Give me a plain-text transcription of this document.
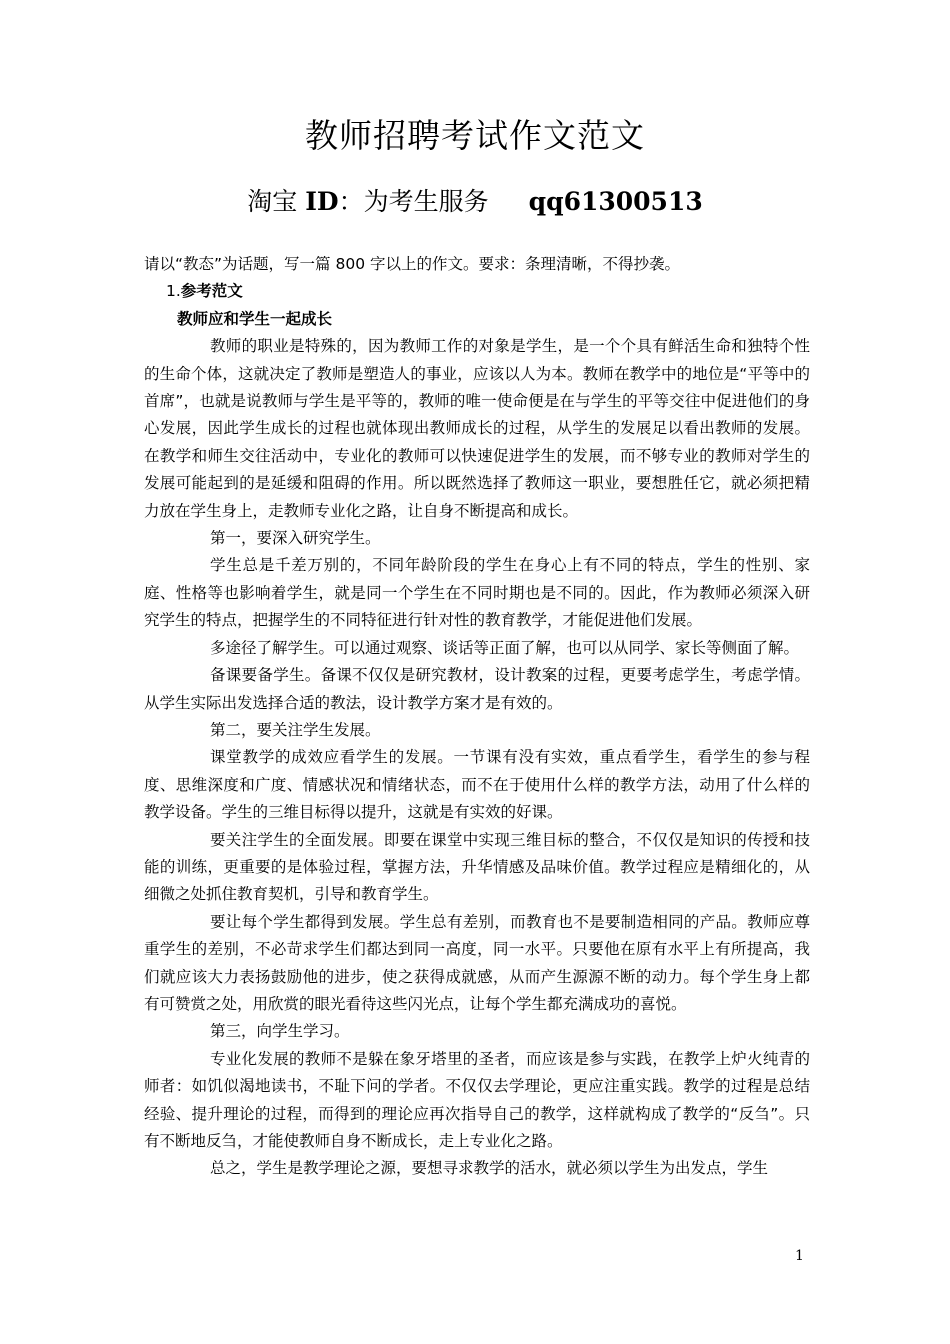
教师招聘考试作文范文
淘宝 ID：为考生服务 qq61300513

请以“教态”为话题，写一篇 800 字以上的作文。要求：条理清晰，不得抄袭。

1.参考范文

教师应和学生一起成长

教师的职业是特殊的，因为教师工作的对象是学生，是一个个具有鲜活生命和独特个性的生命个体，这就决定了教师是塑造人的事业，应该以人为本。教师在教学中的地位是“平等中的首席”，也就是说教师与学生是平等的，教师的唯一使命便是在与学生的平等交往中促进他们的身心发展，因此学生成长的过程也就体现出教师成长的过程，从学生的发展足以看出教师的发展。在教学和师生交往活动中，专业化的教师可以快速促进学生的发展，而不够专业的教师对学生的发展可能起到的是延缓和阻碍的作用。所以既然选择了教师这一职业，要想胜任它，就必须把精力放在学生身上，走教师专业化之路，让自身不断提高和成长。

第一，要深入研究学生。

学生总是千差万别的，不同年龄阶段的学生在身心上有不同的特点，学生的性别、家庭、性格等也影响着学生，就是同一个学生在不同时期也是不同的。因此，作为教师必须深入研究学生的特点，把握学生的不同特征进行针对性的教育教学，才能促进他们发展。

多途径了解学生。可以通过观察、谈话等正面了解，也可以从同学、家长等侧面了解。

备课要备学生。备课不仅仅是研究教材，设计教案的过程，更要考虑学生，考虑学情。从学生实际出发选择合适的教法，设计教学方案才是有效的。

第二，要关注学生发展。

课堂教学的成效应看学生的发展。一节课有没有实效，重点看学生，看学生的参与程度、思维深度和广度、情感状况和情绪状态，而不在于使用什么样的教学方法，动用了什么样的教学设备。学生的三维目标得以提升，这就是有实效的好课。

要关注学生的全面发展。即要在课堂中实现三维目标的整合，不仅仅是知识的传授和技能的训练，更重要的是体验过程，掌握方法，升华情感及品味价值。教学过程应是精细化的，从细微之处抓住教育契机，引导和教育学生。

要让每个学生都得到发展。学生总有差别，而教育也不是要制造相同的产品。教师应尊重学生的差别，不必苛求学生们都达到同一高度，同一水平。只要他在原有水平上有所提高，我们就应该大力表扬鼓励他的进步，使之获得成就感，从而产生源源不断的动力。每个学生身上都有可赞赏之处，用欣赏的眼光看待这些闪光点，让每个学生都充满成功的喜悦。

第三，向学生学习。

专业化发展的教师不是躲在象牙塔里的圣者，而应该是参与实践，在教学上炉火纯青的师者：如饥似渴地读书，不耻下问的学者。不仅仅去学理论，更应注重实践。教学的过程是总结经验、提升理论的过程，而得到的理论应再次指导自己的教学，这样就构成了教学的“反刍”。只有不断地反刍，才能使教师自身不断成长，走上专业化之路。

总之，学生是教学理论之源，要想寻求教学的活水，就必须以学生为出发点，学生

1
